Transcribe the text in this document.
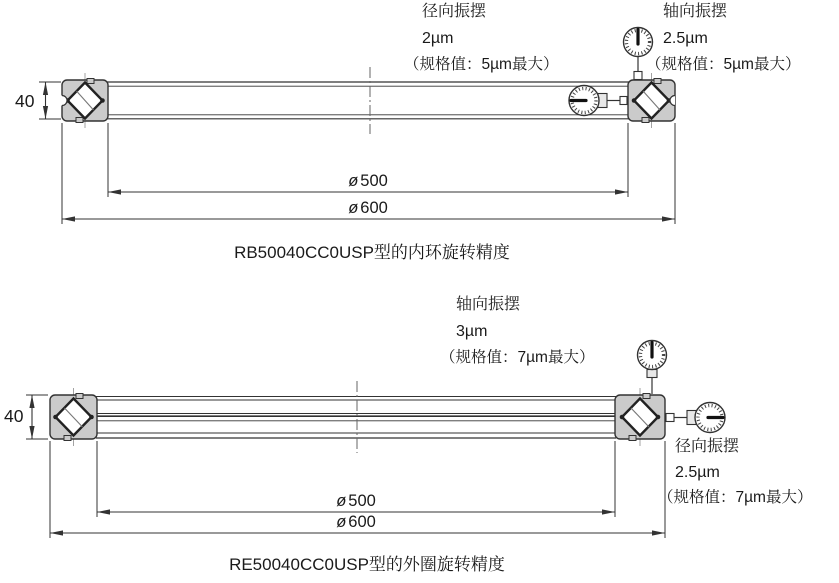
径向振摆
2µm
（规格值：5µm最大）
轴向振摆
2.5µm
（规格值：5µm最大）
40
ø 500
ø 600
RB50040CC0USP型的内环旋转精度
轴向振摆
3µm
（规格值：7µm最大）
径向振摆
2.5µm
（规格值：7µm最大）
40
ø 500
ø 600
RE50040CC0USP型的外圈旋转精度
